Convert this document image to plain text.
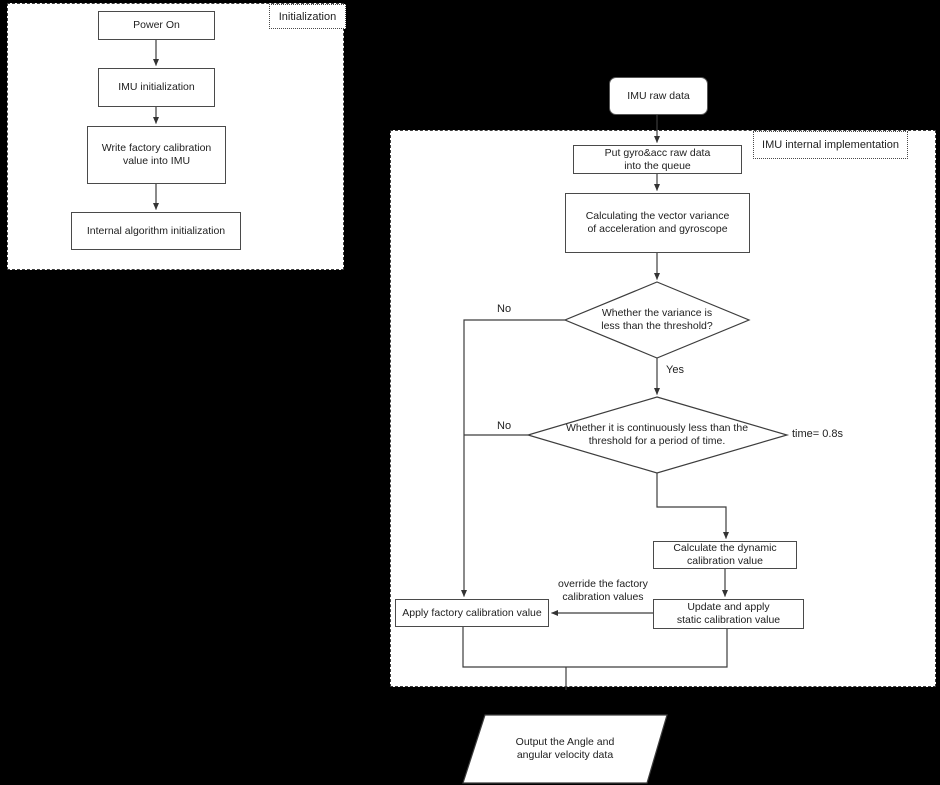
Initialization
IMU internal implementation
Power On
IMU initialization
Write factory calibration
value into IMU
Internal algorithm initialization
IMU raw data
Put gyro&acc raw data
into the queue
Calculating the vector variance
of acceleration and gyroscope
Whether the variance is
less than the threshold?
Whether it is continuously less than the
threshold for a period of time.
Calculate the dynamic
calibration value
Update and apply
static calibration value
Apply factory calibration value
Output the Angle and
angular velocity data
No
Yes
No
time= 0.8s
override the factory
calibration values
